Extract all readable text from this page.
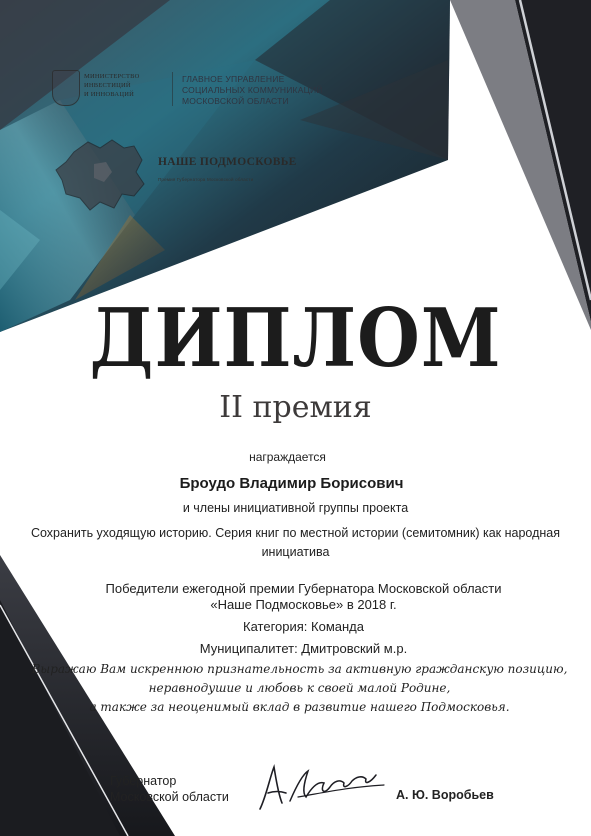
МИНИСТЕРСТВО
ИНВЕСТИЦИЙ
И ИННОВАЦИЙ
ГЛАВНОЕ УПРАВЛЕНИЕ
СОЦИАЛЬНЫХ КОММУНИКАЦИЙ
МОСКОВСКОЙ ОБЛАСТИ
НАШЕ ПОДМОСКОВЬЕ
Премия Губернатора Московской области
ДИПЛОМ
II премия
награждается
Броудо Владимир Борисович
и члены инициативной группы проекта
Сохранить уходящую историю. Серия книг по местной истории (семитомник) как народная
инициатива
Победители ежегодной премии Губернатора Московской области
«Наше Подмосковье» в 2018 г.
Категория: Команда
Муниципалитет: Дмитровский м.р.
Выражаю Вам искреннюю признательность за активную гражданскую позицию,
неравнодушие и любовь к своей малой Родине,
а также за неоценимый вклад в развитие нашего Подмосковья.
Губернатор
Московской области	А. Ю. Воробьев
